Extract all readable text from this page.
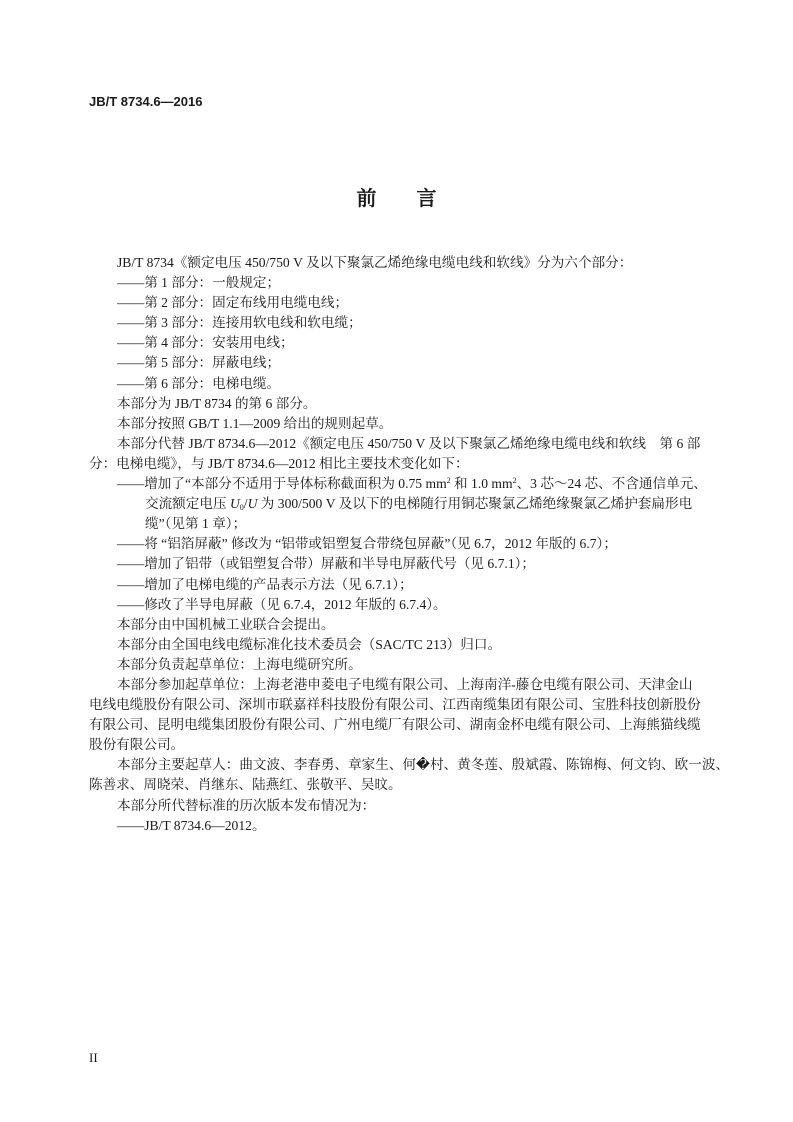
JB/T 8734.6—2016
前 言
JB/T 8734《额定电压 450/750 V 及以下聚氯乙烯绝缘电缆电线和软线》分为六个部分：
——第 1 部分：一般规定；
——第 2 部分：固定布线用电缆电线；
——第 3 部分：连接用软电线和软电缆；
——第 4 部分：安装用电线；
——第 5 部分：屏蔽电线；
——第 6 部分：电梯电缆。
本部分为 JB/T 8734 的第 6 部分。
本部分按照 GB/T 1.1—2009 给出的规则起草。
本部分代替 JB/T 8734.6—2012《额定电压 450/750 V 及以下聚氯乙烯绝缘电缆电线和软线　第 6 部
分：电梯电缆》，与 JB/T 8734.6—2012 相比主要技术变化如下：
——增加了“本部分不适用于导体标称截面积为 0.75 $mm^2$ 和 1.0 $mm^2$、3 芯～24 芯、不含通信单元、
交流额定电压 $U_0/U$ 为 300/500 V 及以下的电梯随行用铜芯聚氯乙烯绝缘聚氯乙烯护套扁形电
缆”（见第 1 章）；
——将 “铝箔屏蔽” 修改为 “铝带或铝塑复合带绕包屏蔽”（见 6.7，2012 年版的 6.7）；
——增加了铝带（或铝塑复合带）屏蔽和半导电屏蔽代号（见 6.7.1）；
——增加了电梯电缆的产品表示方法（见 6.7.1）；
——修改了半导电屏蔽（见 6.7.4，2012 年版的 6.7.4）。
本部分由中国机械工业联合会提出。
本部分由全国电线电缆标准化技术委员会（SAC/TC 213）归口。
本部分负责起草单位：上海电缆研究所。
本部分参加起草单位：上海老港申菱电子电缆有限公司、上海南洋-藤仓电缆有限公司、天津金山
电线电缆股份有限公司、深圳市联嘉祥科技股份有限公司、江西南缆集团有限公司、宝胜科技创新股份
有限公司、昆明电缆集团股份有限公司、广州电缆厂有限公司、湖南金杯电缆有限公司、上海熊猫线缆
股份有限公司。
本部分主要起草人：曲文波、李春勇、章家生、何�村、黄冬莲、殷斌霞、陈锦梅、何文钧、欧一波、
陈善求、周晓荣、肖继东、陆燕红、张敬平、吴旼。
本部分所代替标准的历次版本发布情况为：
——JB/T 8734.6—2012。
II
